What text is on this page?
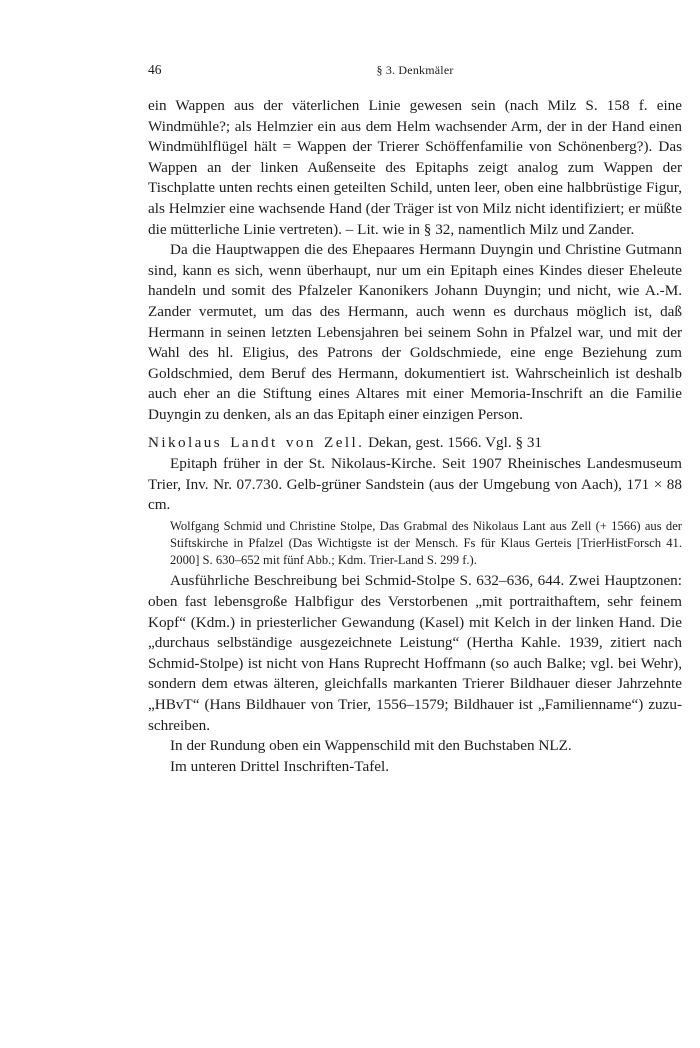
46	§ 3. Denkmäler

ein Wappen aus der väterlichen Linie gewesen sein (nach Milz S. 158 f. eine Windmühle?; als Helmzier ein aus dem Helm wachsender Arm, der in der Hand einen Windmühlflügel hält = Wappen der Trierer Schöffenfamilie von Schönenberg?). Das Wappen an der linken Außenseite des Epitaphs zeigt analog zum Wappen der Tischplatte unten rechts einen geteilten Schild, unten leer, oben eine halbbrüstige Figur, als Helmzier eine wachsende Hand (der Träger ist von Milz nicht identifiziert; er müßte die mütterliche Linie vertreten). – Lit. wie in § 32, namentlich Milz und Zander.

Da die Hauptwappen die des Ehepaares Hermann Duyngin und Christine Gutmann sind, kann es sich, wenn überhaupt, nur um ein Epitaph eines Kindes dieser Eheleute handeln und somit des Pfalzeler Kanonikers Johann Duyngin; und nicht, wie A.-M. Zander vermutet, um das des Hermann, auch wenn es durchaus möglich ist, daß Hermann in seinen letzten Lebensjahren bei seinem Sohn in Pfalzel war, und mit der Wahl des hl. Eligius, des Patrons der Goldschmiede, eine enge Beziehung zum Goldschmied, dem Beruf des Hermann, dokumentiert ist. Wahrscheinlich ist deshalb auch eher an die Stiftung eines Altares mit einer Memoria-Inschrift an die Familie Duyngin zu denken, als an das Epitaph einer einzigen Person.

Nikolaus Landt von Zell. Dekan, gest. 1566. Vgl. § 31

Epitaph früher in der St. Nikolaus-Kirche. Seit 1907 Rheinisches Landesmuseum Trier, Inv. Nr. 07.730. Gelb-grüner Sandstein (aus der Umgebung von Aach), 171 × 88 cm.

Wolfgang Schmid und Christine Stolpe, Das Grabmal des Nikolaus Lant aus Zell (+ 1566) aus der Stiftskirche in Pfalzel (Das Wichtigste ist der Mensch. Fs für Klaus Gerteis [TrierHistForsch 41. 2000] S. 630–652 mit fünf Abb.; Kdm. Trier-Land S. 299 f.).

Ausführliche Beschreibung bei Schmid-Stolpe S. 632–636, 644. Zwei Hauptzonen: oben fast lebensgroße Halbfigur des Verstorbenen „mit portraithaftem, sehr feinem Kopf“ (Kdm.) in priesterlicher Gewandung (Kasel) mit Kelch in der linken Hand. Die „durchaus selbständige ausgezeichnete Leistung“ (Hertha Kahle. 1939, zitiert nach Schmid-Stolpe) ist nicht von Hans Ruprecht Hoffmann (so auch Balke; vgl. bei Wehr), sondern dem etwas älteren, gleichfalls markanten Trierer Bildhauer dieser Jahrzehnte „HBvT“ (Hans Bildhauer von Trier, 1556–1579; Bildhauer ist „Familienname“) zuzuschreiben.

In der Rundung oben ein Wappenschild mit den Buchstaben NLZ.

Im unteren Drittel Inschriften-Tafel.
